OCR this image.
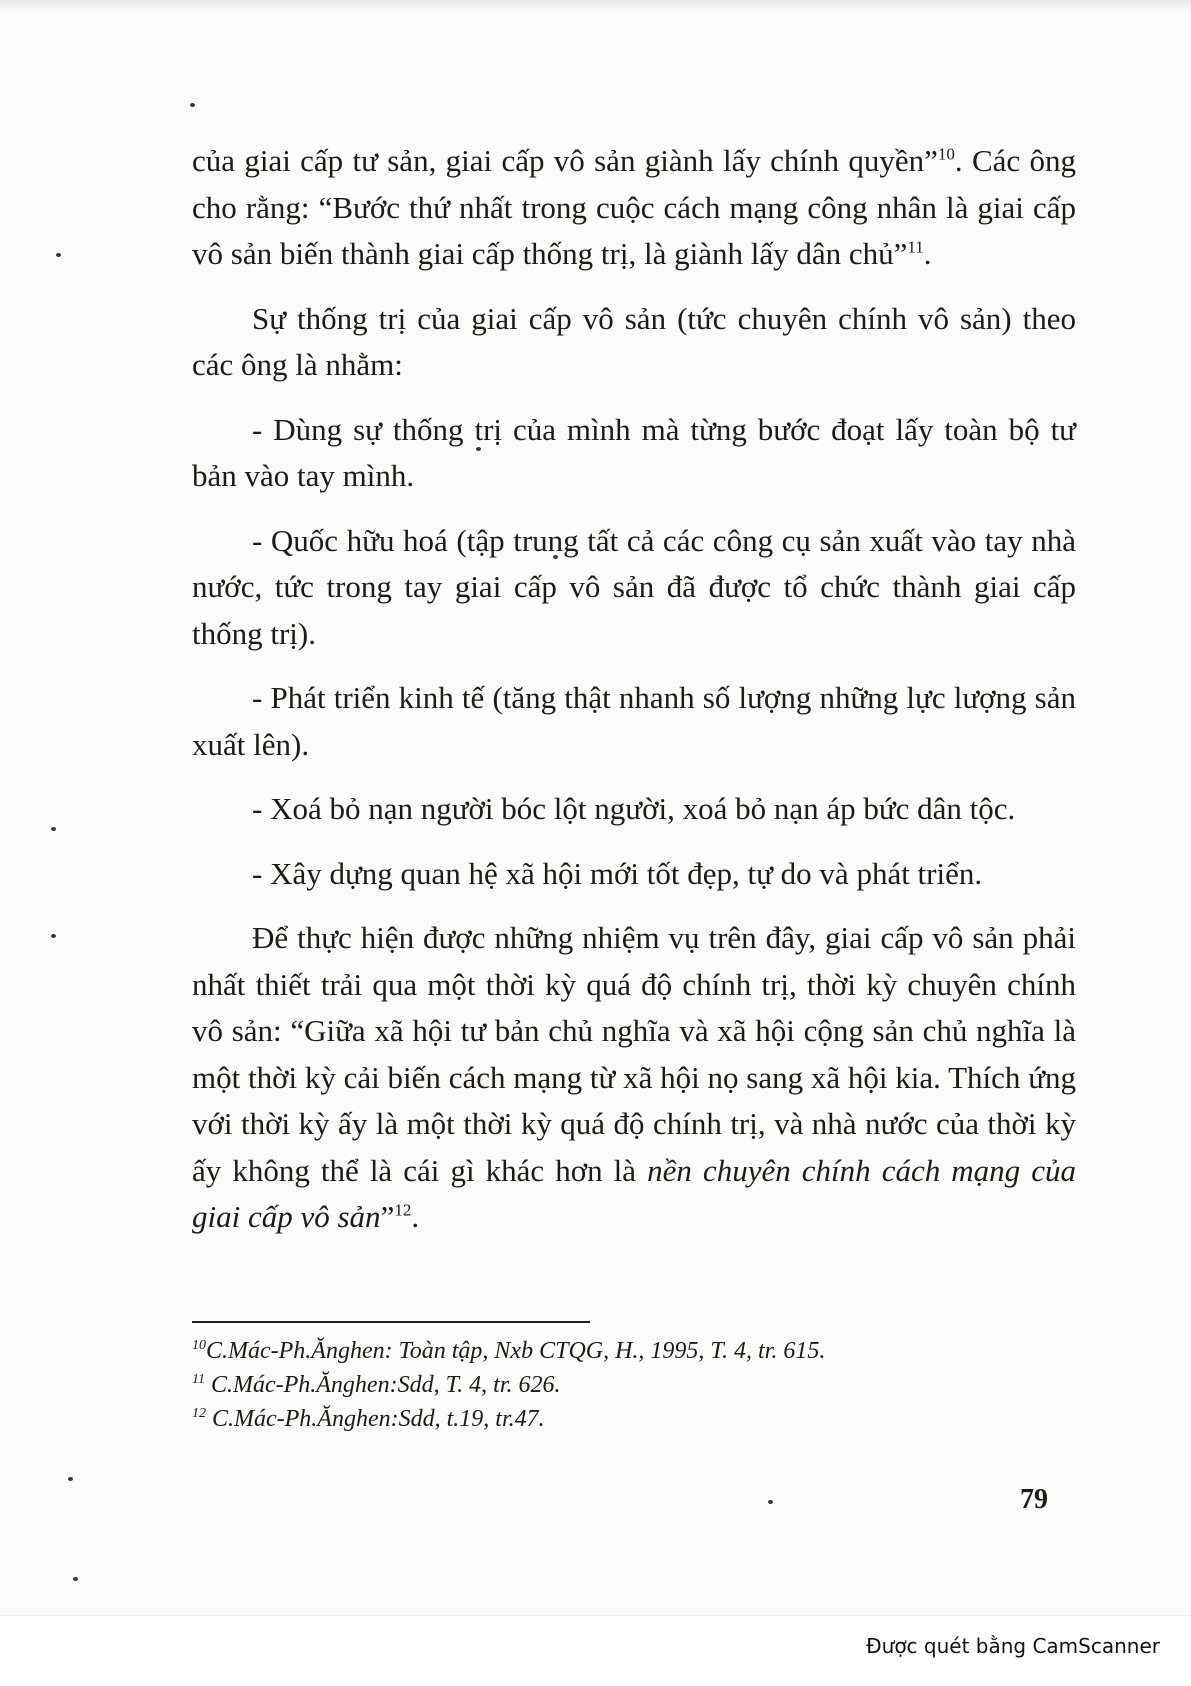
của giai cấp tư sản, giai cấp vô sản giành lấy chính quyền”$^{10}$. Các ông cho rằng: “Bước thứ nhất trong cuộc cách mạng công nhân là giai cấp vô sản biến thành giai cấp thống trị, là giành lấy dân chủ”$^{11}$.

Sự thống trị của giai cấp vô sản (tức chuyên chính vô sản) theo các ông là nhằm:

- Dùng sự thống trị của mình mà từng bước đoạt lấy toàn bộ tư bản vào tay mình.

- Quốc hữu hoá (tập trung tất cả các công cụ sản xuất vào tay nhà nước, tức trong tay giai cấp vô sản đã được tổ chức thành giai cấp thống trị).

- Phát triển kinh tế (tăng thật nhanh số lượng những lực lượng sản xuất lên).

- Xoá bỏ nạn người bóc lột người, xoá bỏ nạn áp bức dân tộc.

- Xây dựng quan hệ xã hội mới tốt đẹp, tự do và phát triển.

Để thực hiện được những nhiệm vụ trên đây, giai cấp vô sản phải nhất thiết trải qua một thời kỳ quá độ chính trị, thời kỳ chuyên chính vô sản: “Giữa xã hội tư bản chủ nghĩa và xã hội cộng sản chủ nghĩa là một thời kỳ cải biến cách mạng từ xã hội nọ sang xã hội kia. Thích ứng với thời kỳ ấy là một thời kỳ quá độ chính trị, và nhà nước của thời kỳ ấy không thể là cái gì khác hơn là nền chuyên chính cách mạng của giai cấp vô sản”$^{12}$.

$^{10}$C.Mác-Ph.Ănghen: Toàn tập, Nxb CTQG, H., 1995, T. 4, tr. 615.

$^{11}$ C.Mác-Ph.Ănghen:Sdd, T. 4, tr. 626.

$^{12}$ C.Mác-Ph.Ănghen:Sdd, t.19, tr.47.

79
Được quét bằng CamScanner
